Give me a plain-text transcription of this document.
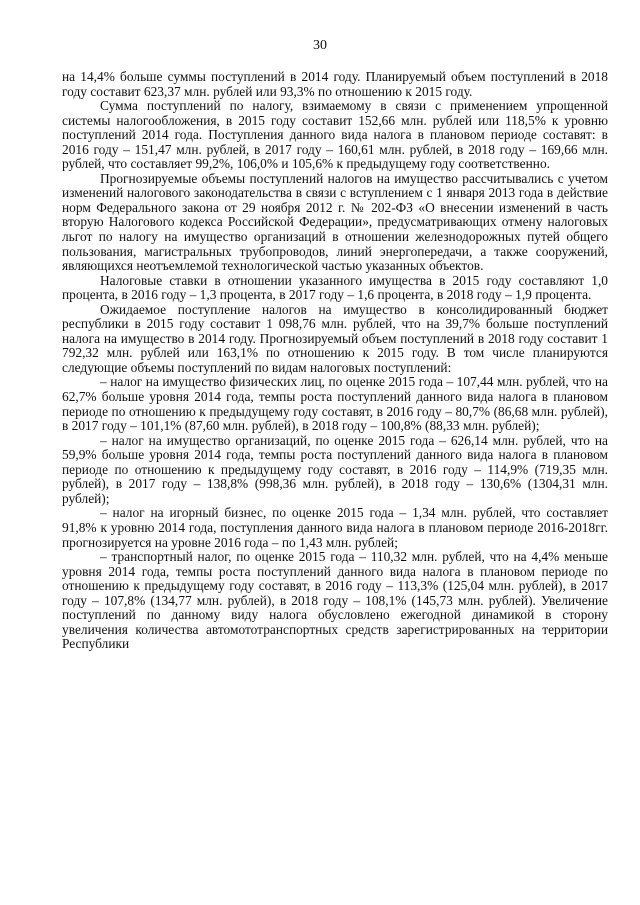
30

на 14,4% больше суммы поступлений в 2014 году. Планируемый объем поступлений в 2018 году составит 623,37 млн. рублей или 93,3% по отношению к 2015 году.

Сумма поступлений по налогу, взимаемому в связи с применением упрощенной системы налогообложения, в 2015 году составит 152,66 млн. рублей или 118,5% к уровню поступлений 2014 года. Поступления данного вида налога в плановом периоде составят: в 2016 году – 151,47 млн. рублей, в 2017 году – 160,61 млн. рублей, в 2018 году – 169,66 млн. рублей, что составляет 99,2%, 106,0% и 105,6% к предыдущему году соответственно.

Прогнозируемые объемы поступлений налогов на имущество рассчитывались с учетом изменений налогового законодательства в связи с вступлением с 1 января 2013 года в действие норм Федерального закона от 29 ноября 2012 г. № 202-ФЗ «О внесении изменений в часть вторую Налогового кодекса Российской Федерации», предусматривающих отмену налоговых льгот по налогу на имущество организаций в отношении железнодорожных путей общего пользования, магистральных трубопроводов, линий энергопередачи, а также сооружений, являющихся неотъемлемой технологической частью указанных объектов.

Налоговые ставки в отношении указанного имущества в 2015 году составляют 1,0 процента, в 2016 году – 1,3 процента, в 2017 году – 1,6 процента, в 2018 году – 1,9 процента.

Ожидаемое поступление налогов на имущество в консолидированный бюджет республики в 2015 году составит 1 098,76 млн. рублей, что на 39,7% больше поступлений налога на имущество в 2014 году. Прогнозируемый объем поступлений в 2018 году составит 1 792,32 млн. рублей или 163,1% по отношению к 2015 году. В том числе планируются следующие объемы поступлений по видам налоговых поступлений:

– налог на имущество физических лиц, по оценке 2015 года – 107,44 млн. рублей, что на 62,7% больше уровня 2014 года, темпы роста поступлений данного вида налога в плановом периоде по отношению к предыдущему году составят, в 2016 году – 80,7% (86,68 млн. рублей), в 2017 году – 101,1% (87,60 млн. рублей), в 2018 году – 100,8% (88,33 млн. рублей);

– налог на имущество организаций, по оценке 2015 года – 626,14 млн. рублей, что на 59,9% больше уровня 2014 года, темпы роста поступлений данного вида налога в плановом периоде по отношению к предыдущему году составят, в 2016 году – 114,9% (719,35 млн. рублей), в 2017 году – 138,8% (998,36 млн. рублей), в 2018 году – 130,6% (1304,31 млн. рублей);

– налог на игорный бизнес, по оценке 2015 года – 1,34 млн. рублей, что составляет 91,8% к уровню 2014 года, поступления данного вида налога в плановом периоде 2016-2018гг. прогнозируется на уровне 2016 года – по 1,43 млн. рублей;

– транспортный налог, по оценке 2015 года – 110,32 млн. рублей, что на 4,4% меньше уровня 2014 года, темпы роста поступлений данного вида налога в плановом периоде по отношению к предыдущему году составят, в 2016 году – 113,3% (125,04 млн. рублей), в 2017 году – 107,8% (134,77 млн. рублей), в 2018 году – 108,1% (145,73 млн. рублей). Увеличение поступлений по данному виду налога обусловлено ежегодной динамикой в сторону увеличения количества автомототранспортных средств зарегистрированных на территории Республики
